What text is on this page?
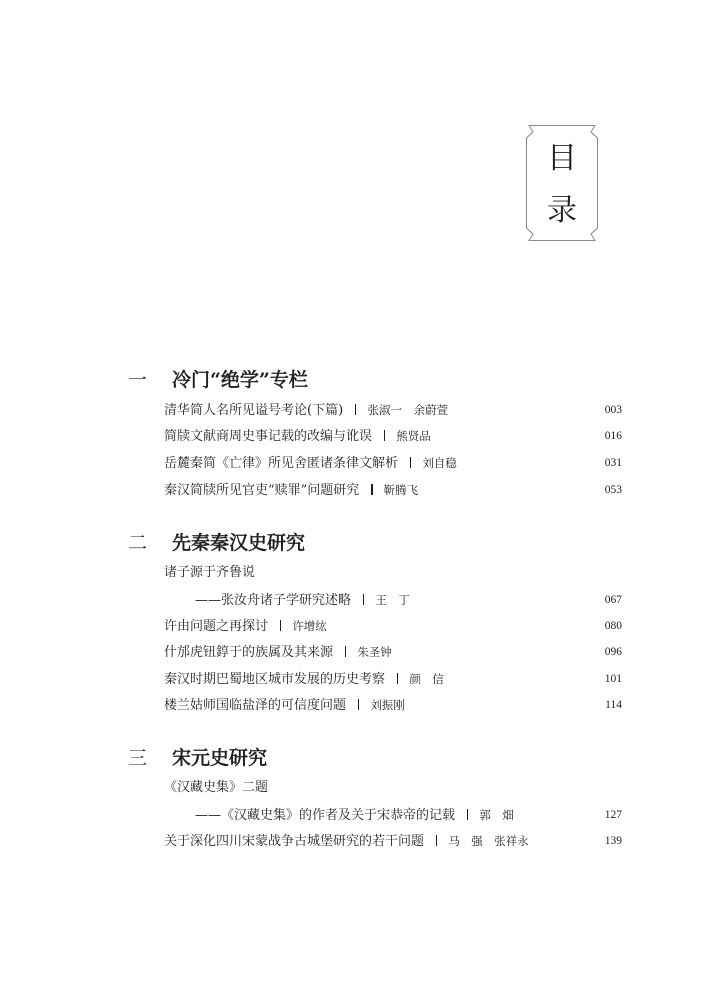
目
录
一 冷门“绝学”专栏
清华简人名所见谥号考论(下篇) 张淑一　余蔚萱	003
简牍文献商周史事记载的改编与讹误 熊贤品	016
岳麓秦简《亡律》所见舍匿诸条律文解析 刘自稳	031
秦汉简牍所见官吏“赎罪”问题研究 靳腾飞	053
二 先秦秦汉史研究
诸子源于齐鲁说
——张汝舟诸子学研究述略 王　丁	067
许由问题之再探讨 许增纮	080
什邡虎钮錞于的族属及其来源 朱圣钟	096
秦汉时期巴蜀地区城市发展的历史考察 颜　信	101
楼兰姑师国临盐泽的可信度问题 刘振刚	114
三 宋元史研究
《汉藏史集》二题
——《汉藏史集》的作者及关于宋恭帝的记载 郭　畑	127
关于深化四川宋蒙战争古城堡研究的若干问题 马　强　张祥永	139
